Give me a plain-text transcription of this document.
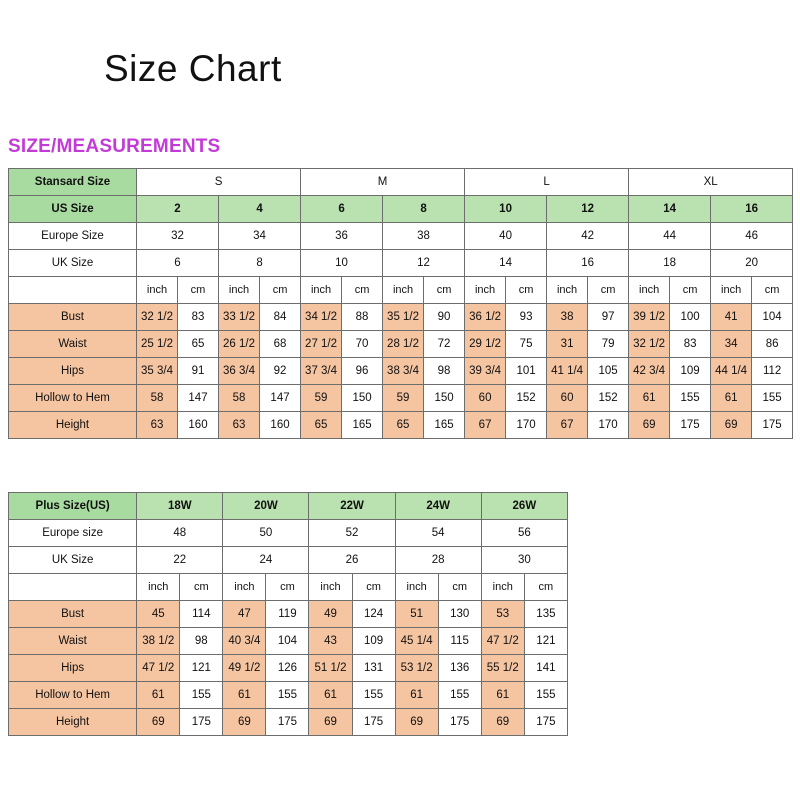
Size Chart
SIZE/MEASUREMENTS
Stansard Size	S				M				L				XL			
US Size	2		4		6		8		10		12		14		16	
Europe Size	32		34		36		38		40		42		44		46	
UK Size	6		8		10		12		14		16		18		20	
	inch	cm	inch	cm	inch	cm	inch	cm	inch	cm	inch	cm	inch	cm	inch	cm
Bust	32 1/2	83	33 1/2	84	34 1/2	88	35 1/2	90	36 1/2	93	38	97	39 1/2	100	41	104
Waist	25 1/2	65	26 1/2	68	27 1/2	70	28 1/2	72	29 1/2	75	31	79	32 1/2	83	34	86
Hips	35 3/4	91	36 3/4	92	37 3/4	96	38 3/4	98	39 3/4	101	41 1/4	105	42 3/4	109	44 1/4	112
Hollow to Hem	58	147	58	147	59	150	59	150	60	152	60	152	61	155	61	155
Height	63	160	63	160	65	165	65	165	67	170	67	170	69	175	69	175
Plus Size(US)	18W		20W		22W		24W		26W	
Europe size	48		50		52		54		56	
UK Size	22		24		26		28		30	
	inch	cm	inch	cm	inch	cm	inch	cm	inch	cm
Bust	45	114	47	119	49	124	51	130	53	135
Waist	38 1/2	98	40 3/4	104	43	109	45 1/4	115	47 1/2	121
Hips	47 1/2	121	49 1/2	126	51 1/2	131	53 1/2	136	55 1/2	141
Hollow to Hem	61	155	61	155	61	155	61	155	61	155
Height	69	175	69	175	69	175	69	175	69	175
